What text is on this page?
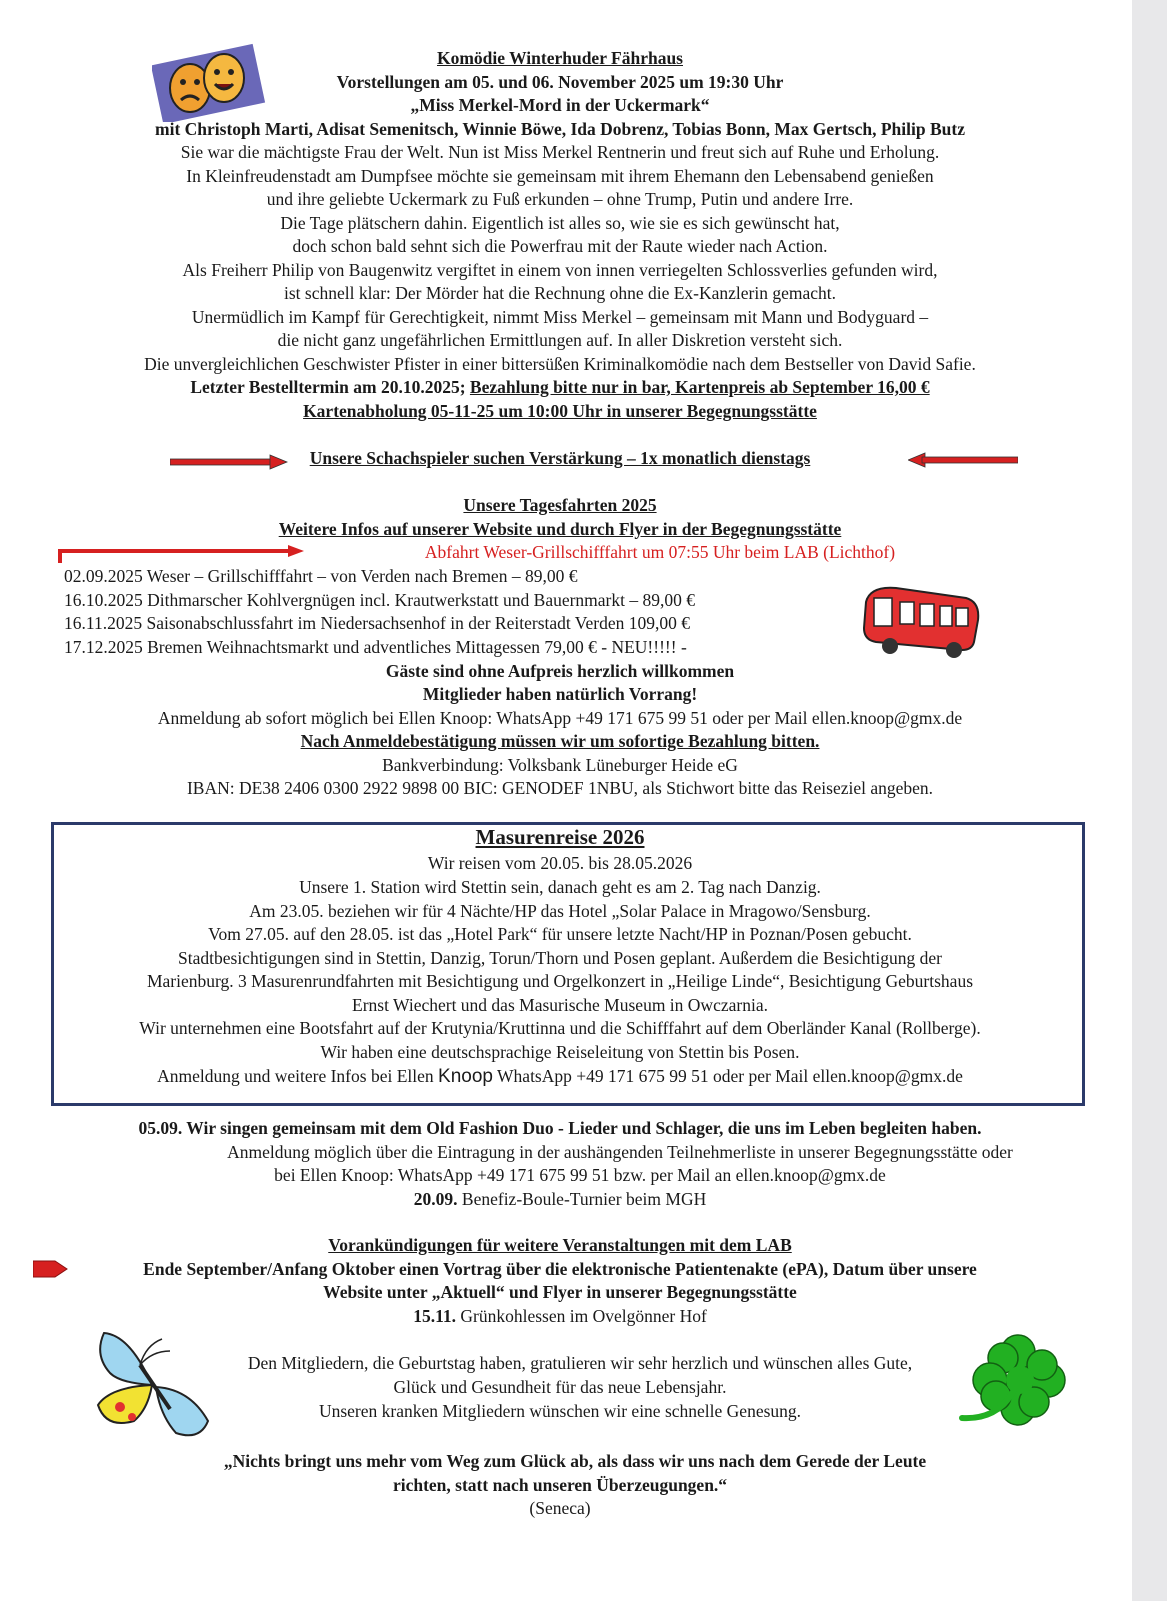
Komödie Winterhuder Fährhaus
Vorstellungen am 05. und 06. November 2025 um 19:30 Uhr
„Miss Merkel-Mord in der Uckermark“
mit Christoph Marti, Adisat Semenitsch, Winnie Böwe, Ida Dobrenz, Tobias Bonn, Max Gertsch, Philip Butz
Sie war die mächtigste Frau der Welt. Nun ist Miss Merkel Rentnerin und freut sich auf Ruhe und Erholung.
In Kleinfreudenstadt am Dumpfsee möchte sie gemeinsam mit ihrem Ehemann den Lebensabend genießen
und ihre geliebte Uckermark zu Fuß erkunden – ohne Trump, Putin und andere Irre.
Die Tage plätschern dahin. Eigentlich ist alles so, wie sie es sich gewünscht hat,
doch schon bald sehnt sich die Powerfrau mit der Raute wieder nach Action.
Als Freiherr Philip von Baugenwitz vergiftet in einem von innen verriegelten Schlossverlies gefunden wird,
ist schnell klar: Der Mörder hat die Rechnung ohne die Ex-Kanzlerin gemacht.
Unermüdlich im Kampf für Gerechtigkeit, nimmt Miss Merkel – gemeinsam mit Mann und Bodyguard –
die nicht ganz ungefährlichen Ermittlungen auf. In aller Diskretion versteht sich.
Die unvergleichlichen Geschwister Pfister in einer bittersüßen Kriminalkomödie nach dem Bestseller von David Safie.
Letzter Bestelltermin am 20.10.2025; Bezahlung bitte nur in bar, Kartenpreis ab September 16,00 €
Kartenabholung 05-11-25 um 10:00 Uhr in unserer Begegnungsstätte
Unsere Schachspieler suchen Verstärkung – 1x monatlich dienstags
Unsere Tagesfahrten 2025
Weitere Infos auf unserer Website und durch Flyer in der Begegnungsstätte
Abfahrt Weser-Grillschifffahrt um 07:55 Uhr beim LAB (Lichthof)
02.09.2025 Weser – Grillschifffahrt – von Verden nach Bremen – 89,00 €
16.10.2025 Dithmarscher Kohlvergnügen incl. Krautwerkstatt und Bauernmarkt – 89,00 €
16.11.2025 Saisonabschlussfahrt im Niedersachsenhof in der Reiterstadt Verden 109,00 €
17.12.2025 Bremen Weihnachtsmarkt und adventliches Mittagessen 79,00 € - NEU!!!!! -
Gäste sind ohne Aufpreis herzlich willkommen
Mitglieder haben natürlich Vorrang!
Anmeldung ab sofort möglich bei Ellen Knoop: WhatsApp +49 171 675 99 51 oder per Mail ellen.knoop@gmx.de
Nach Anmeldebestätigung müssen wir um sofortige Bezahlung bitten.
Bankverbindung: Volksbank Lüneburger Heide eG
IBAN: DE38 2406 0300 2922 9898 00 BIC: GENODEF 1NBU, als Stichwort bitte das Reiseziel angeben.
Masurenreise 2026
Wir reisen vom 20.05. bis 28.05.2026
Unsere 1. Station wird Stettin sein, danach geht es am 2. Tag nach Danzig.
Am 23.05. beziehen wir für 4 Nächte/HP das Hotel „Solar Palace in Mragowo/Sensburg.
Vom 27.05. auf den 28.05. ist das „Hotel Park“ für unsere letzte Nacht/HP in Poznan/Posen gebucht.
Stadtbesichtigungen sind in Stettin, Danzig, Torun/Thorn und Posen geplant. Außerdem die Besichtigung der
Marienburg. 3 Masurenrundfahrten mit Besichtigung und Orgelkonzert in „Heilige Linde“, Besichtigung Geburtshaus
Ernst Wiechert und das Masurische Museum in Owczarnia.
Wir unternehmen eine Bootsfahrt auf der Krutynia/Kruttinna und die Schifffahrt auf dem Oberländer Kanal (Rollberge).
Wir haben eine deutschsprachige Reiseleitung von Stettin bis Posen.
Anmeldung und weitere Infos bei Ellen Knoop WhatsApp +49 171 675 99 51 oder per Mail ellen.knoop@gmx.de
05.09. Wir singen gemeinsam mit dem Old Fashion Duo - Lieder und Schlager, die uns im Leben begleiten haben.
Anmeldung möglich über die Eintragung in der aushängenden Teilnehmerliste in unserer Begegnungsstätte oder
bei Ellen Knoop: WhatsApp +49 171 675 99 51 bzw. per Mail an ellen.knoop@gmx.de
20.09. Benefiz-Boule-Turnier beim MGH
Vorankündigungen für weitere Veranstaltungen mit dem LAB
Ende September/Anfang Oktober einen Vortrag über die elektronische Patientenakte (ePA), Datum über unsere
Website unter „Aktuell“ und Flyer in unserer Begegnungsstätte
15.11. Grünkohlessen im Ovelgönner Hof
Den Mitgliedern, die Geburtstag haben, gratulieren wir sehr herzlich und wünschen alles Gute,
Glück und Gesundheit für das neue Lebensjahr.
Unseren kranken Mitgliedern wünschen wir eine schnelle Genesung.
„Nichts bringt uns mehr vom Weg zum Glück ab, als dass wir uns nach dem Gerede der Leute
richten, statt nach unseren Überzeugungen.“
(Seneca)
